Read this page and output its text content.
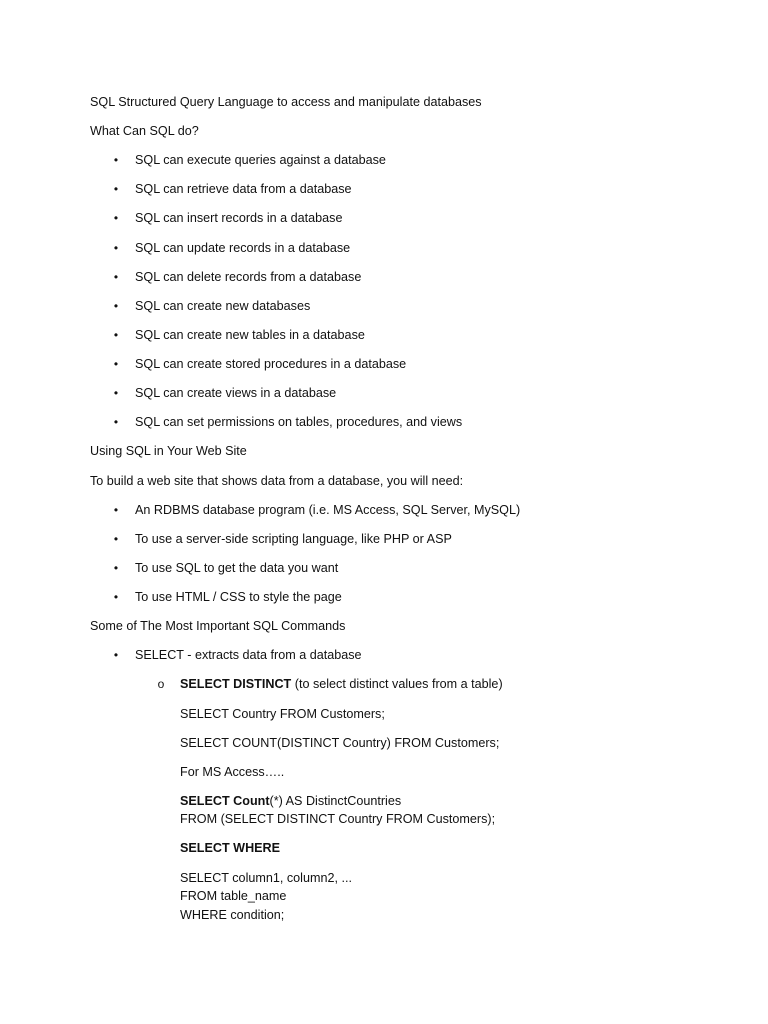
SQL Structured Query Language to access and manipulate databases
What Can SQL do?
• SQL can execute queries against a database
• SQL can retrieve data from a database
• SQL can insert records in a database
• SQL can update records in a database
• SQL can delete records from a database
• SQL can create new databases
• SQL can create new tables in a database
• SQL can create stored procedures in a database
• SQL can create views in a database
• SQL can set permissions on tables, procedures, and views
Using SQL in Your Web Site
To build a web site that shows data from a database, you will need:
• An RDBMS database program (i.e. MS Access, SQL Server, MySQL)
• To use a server-side scripting language, like PHP or ASP
• To use SQL to get the data you want
• To use HTML / CSS to style the page
Some of The Most Important SQL Commands
• SELECT - extracts data from a database
o SELECT DISTINCT (to select distinct values from a table)
SELECT Country FROM Customers;
SELECT COUNT(DISTINCT Country) FROM Customers;
For MS Access…..
SELECT Count(*) AS DistinctCountries
FROM (SELECT DISTINCT Country FROM Customers);
SELECT WHERE
SELECT column1, column2, ...
FROM table_name
WHERE condition;
